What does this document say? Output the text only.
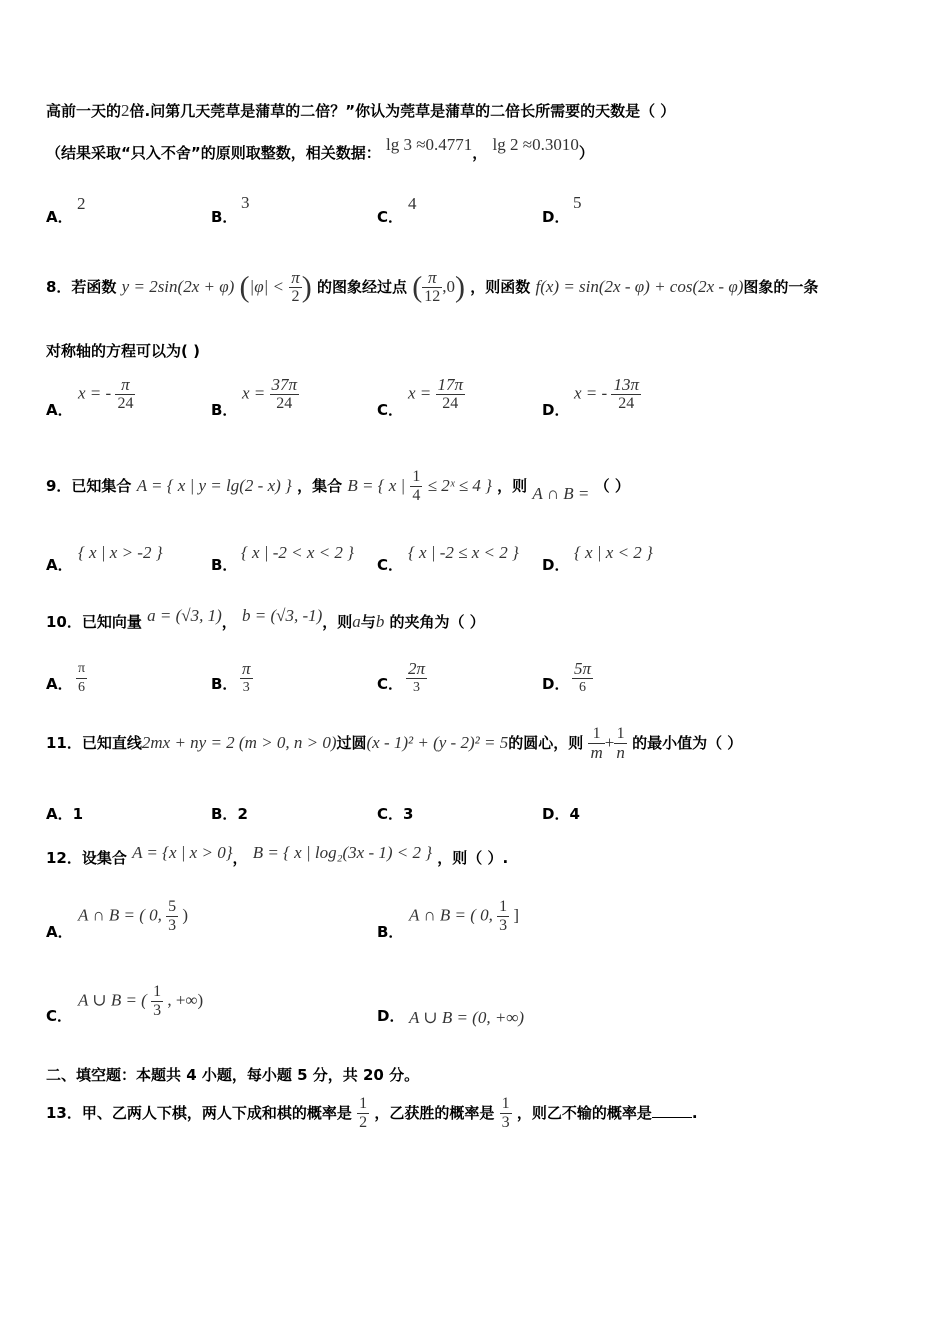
高前一天的2倍.问第几天莞草是蒲草的二倍？”你认为莞草是蒲草的二倍长所需要的天数是（ ）
（结果采取“只入不舍”的原则取整数，相关数据： lg 3 ≈0.4771， lg 2 ≈0.3010）
A．
2
B．
3
C．
4
D．
5
8．若函数 y = 2sin(2x + φ) ($|\varphi| < \frac{\pi}{2}$ ) 的图象经过点 ( $\frac{\pi}{12} ,0$) ，则函数 f(x) = sin(2x - φ) + cos(2x - φ)图象的一条
对称轴的方程可以为( )
A．
x = - $\frac{\pi}{24}$	B．
$x = \frac{37\pi}{24}$	C．
$x = \frac{17\pi}{24}$	D．
x = - $\frac{13\pi}{24}$
9．已知集合 A = { x | y = lg(2 - x) } ，集合 B = { x | $\frac{1}{4}$ ≤ 2ˣ ≤ 4 } ，则 A ∩ B = （ ）
A．
{ x | x > -2 }
B．
{ x | -2 < x < 2 }
C．
{ x | -2 ≤ x < 2 }
D．
{ x | x < 2 }
10．已知向量 a = (√3, 1)， b = (√3, -1)，则a与b 的夹角为（ ）
A． $\frac{\pi}{6}$	B． $\frac{\pi}{3}$	C． $\frac{2\pi}{3}$	D． $\frac{5\pi}{6}$
11．已知直线2mx + ny = 2 (m > 0, n > 0)过圆(x - 1)² + (y - 2)² = 5的圆心，则 $\frac{1}{m} + \frac{1}{n}$ 的最小值为（ ）
A．1	B．2	C．3	D．4
12．设集合 A = {x | x > 0}， B = { x | log₂(3x - 1) < 2 } ，则（ ）.
A．
A ∩ B = ( 0, $\frac{5}{3}$ )
B．
A ∩ B = ( 0, $\frac{1}{3}$ ]
C．
A ∪ B = ( $\frac{1}{3}$ , +∞)
D． A ∪ B = (0, +∞)
二、填空题：本题共 4 小题，每小题 5 分，共 20 分。
13．甲、乙两人下棋，两人下成和棋的概率是 $\frac{1}{2}$ ，乙获胜的概率是 $\frac{1}{3}$ ，则乙不输的概率是	.
